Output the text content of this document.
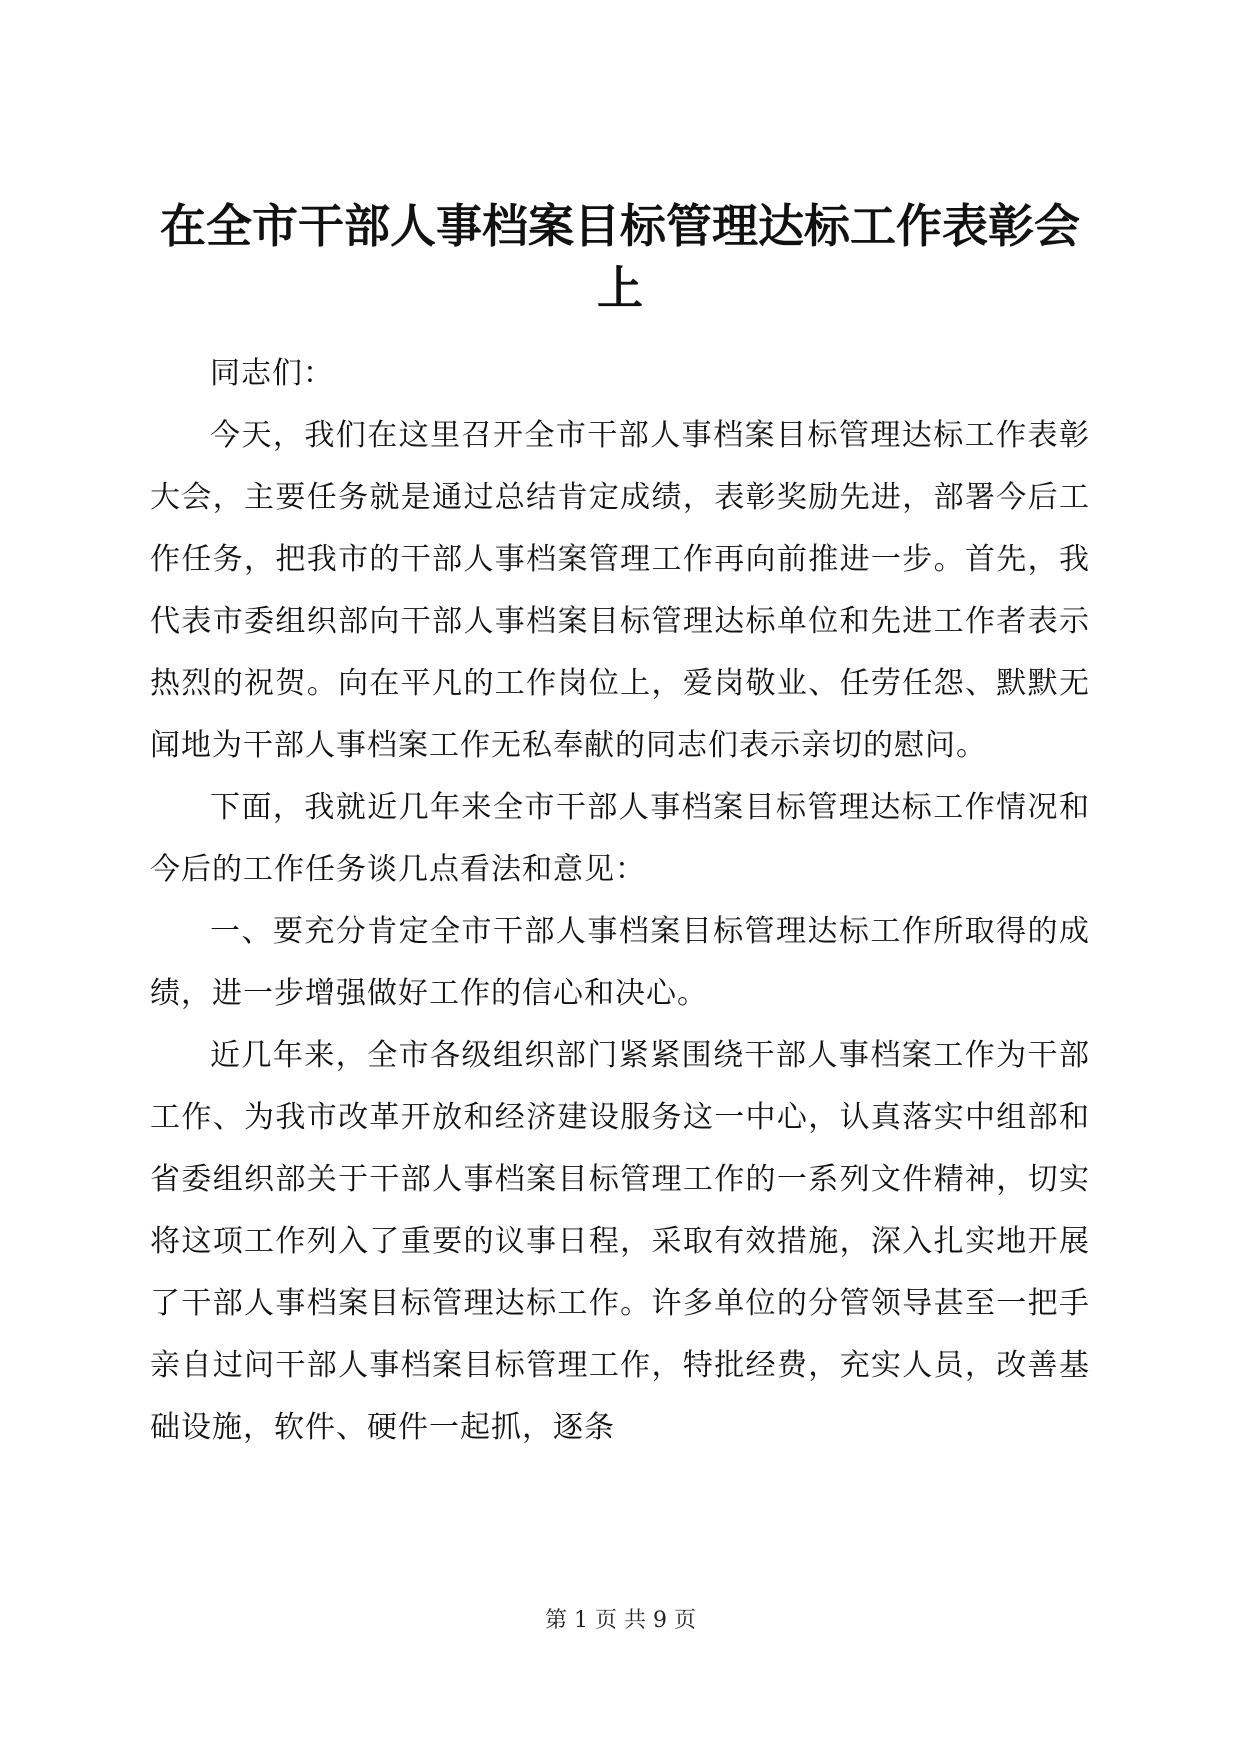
在全市干部人事档案目标管理达标工作表彰会上

同志们：

今天，我们在这里召开全市干部人事档案目标管理达标工作表彰大会，主要任务就是通过总结肯定成绩，表彰奖励先进，部署今后工作任务，把我市的干部人事档案管理工作再向前推进一步。首先，我代表市委组织部向干部人事档案目标管理达标单位和先进工作者表示热烈的祝贺。向在平凡的工作岗位上，爱岗敬业、任劳任怨、默默无闻地为干部人事档案工作无私奉献的同志们表示亲切的慰问。

下面，我就近几年来全市干部人事档案目标管理达标工作情况和今后的工作任务谈几点看法和意见：

一、要充分肯定全市干部人事档案目标管理达标工作所取得的成绩，进一步增强做好工作的信心和决心。

近几年来，全市各级组织部门紧紧围绕干部人事档案工作为干部工作、为我市改革开放和经济建设服务这一中心，认真落实中组部和省委组织部关于干部人事档案目标管理工作的一系列文件精神，切实将这项工作列入了重要的议事日程，采取有效措施，深入扎实地开展了干部人事档案目标管理达标工作。许多单位的分管领导甚至一把手亲自过问干部人事档案目标管理工作，特批经费，充实人员，改善基础设施，软件、硬件一起抓，逐条

第 1 页 共 9 页
